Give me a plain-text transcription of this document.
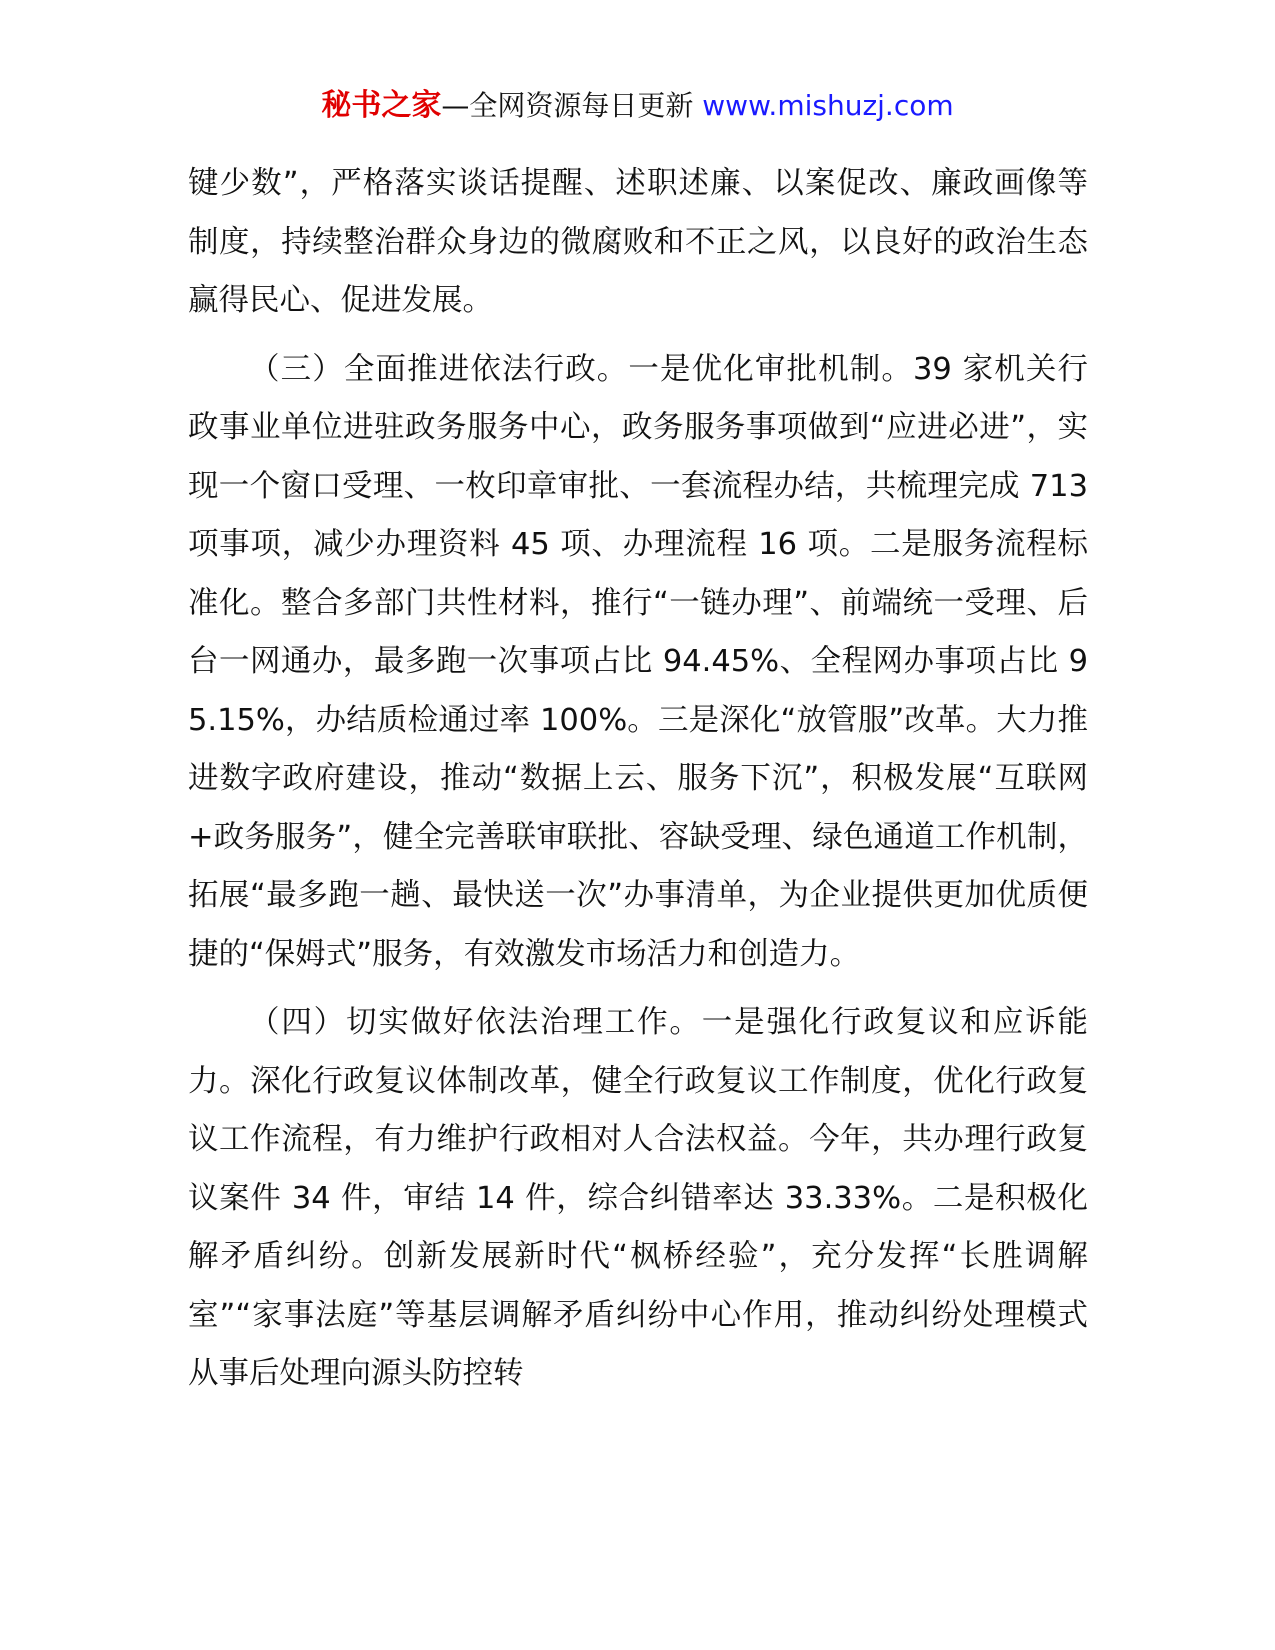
秘书之家—全网资源每日更新 www.mishuzj.com

键少数”，严格落实谈话提醒、述职述廉、以案促改、廉政画像等制度，持续整治群众身边的微腐败和不正之风，以良好的政治生态赢得民心、促进发展。

（三）全面推进依法行政。一是优化审批机制。39 家机关行政事业单位进驻政务服务中心，政务服务事项做到“应进必进”，实现一个窗口受理、一枚印章审批、一套流程办结，共梳理完成 713 项事项，减少办理资料 45 项、办理流程 16 项。二是服务流程标准化。整合多部门共性材料，推行“一链办理”、前端统一受理、后台一网通办，最多跑一次事项占比 94.45%、全程网办事项占比 95.15%，办结质检通过率 100%。三是深化“放管服”改革。大力推进数字政府建设，推动“数据上云、服务下沉”，积极发展“互联网+政务服务”，健全完善联审联批、容缺受理、绿色通道工作机制，拓展“最多跑一趟、最快送一次”办事清单，为企业提供更加优质便捷的“保姆式”服务，有效激发市场活力和创造力。

（四）切实做好依法治理工作。一是强化行政复议和应诉能力。深化行政复议体制改革，健全行政复议工作制度，优化行政复议工作流程，有力维护行政相对人合法权益。今年，共办理行政复议案件 34 件，审结 14 件，综合纠错率达 33.33%。二是积极化解矛盾纠纷。创新发展新时代“枫桥经验”，充分发挥“长胜调解室”“家事法庭”等基层调解矛盾纠纷中心作用，推动纠纷处理模式从事后处理向源头防控转
